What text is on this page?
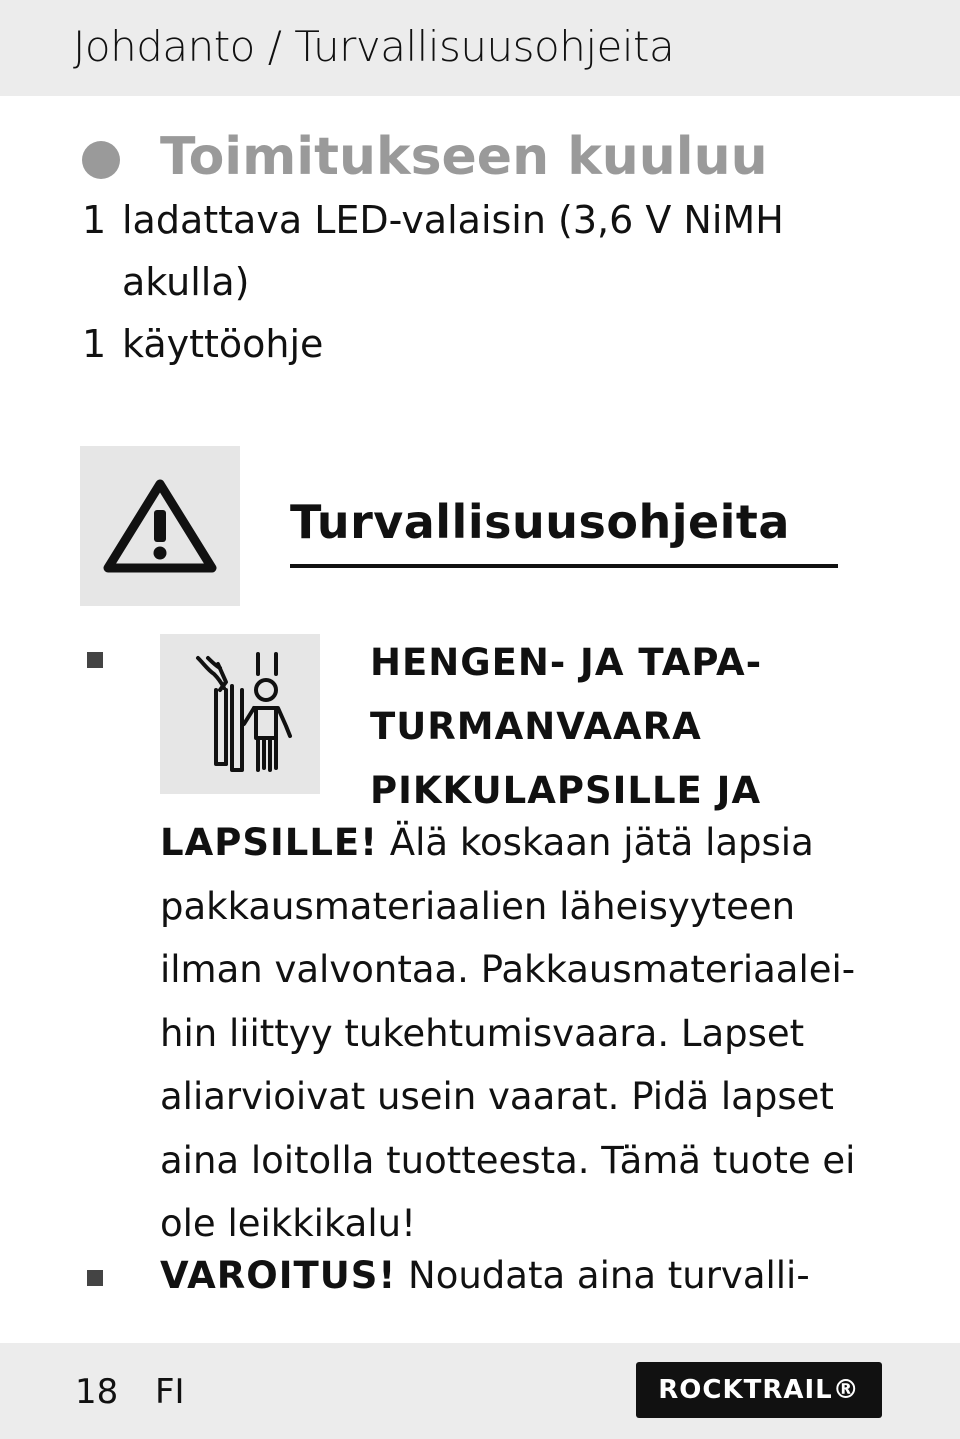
Johdanto / Turvallisuusohjeita
Toimitukseen kuuluu
1 ladattava LED-valaisin (3,6 V NiMH
akulla)
1 käyttöohje
Turvallisuusohjeita
HENGEN- JA TAPA-
TURMANVAARA
PIKKULAPSILLE JA
LAPSILLE! Älä koskaan jätä lapsia
pakkausmateriaalien läheisyyteen
ilman valvontaa. Pakkausmateriaalei-
hin liittyy tukehtumisvaara. Lapset
aliarvioivat usein vaarat. Pidä lapset
aina loitolla tuotteesta. Tämä tuote ei
ole leikkikalu!
VAROITUS! Noudata aina turvalli-
18 FI	ROCKTRAIL®
